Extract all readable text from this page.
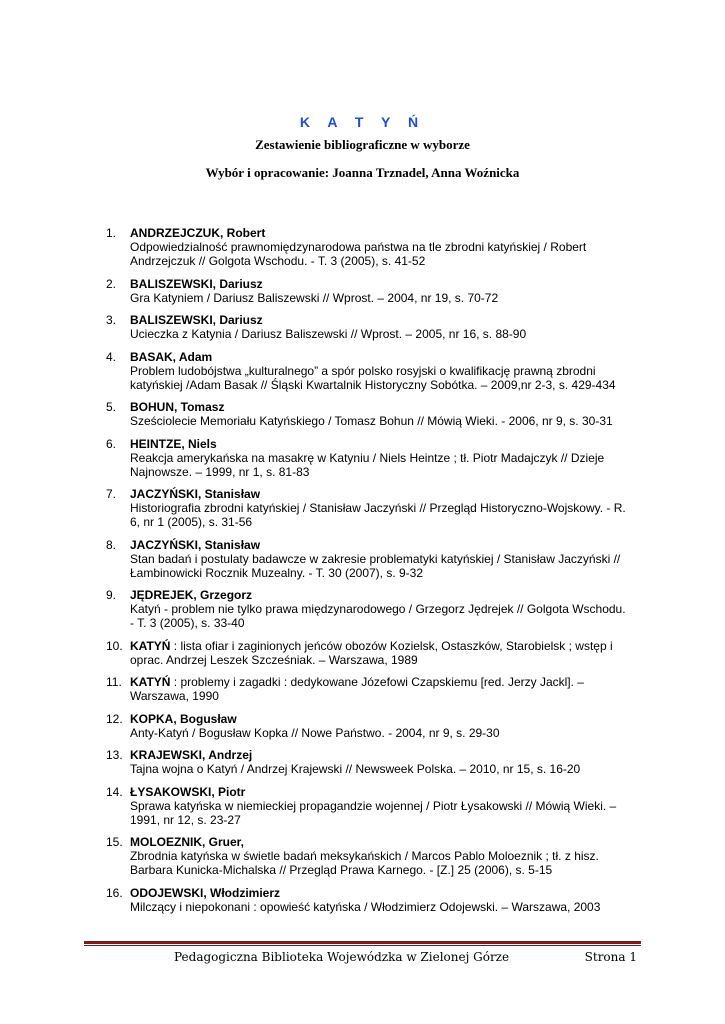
K A T Y Ń
Zestawienie bibliograficzne w wyborze
Wybór i opracowanie: Joanna Trznadel, Anna Woźnicka
1.	ANDRZEJCZUK, Robert
Odpowiedzialność prawnomiędzynarodowa państwa na tle zbrodni katyńskiej / Robert
Andrzejczuk // Golgota Wschodu. - T. 3 (2005), s. 41-52
2.	BALISZEWSKI, Dariusz
Gra Katyniem / Dariusz Baliszewski // Wprost. – 2004, nr 19, s. 70-72
3.	BALISZEWSKI, Dariusz
Ucieczka z Katynia / Dariusz Baliszewski // Wprost. – 2005, nr 16, s. 88-90
4.	BASAK, Adam
Problem ludobójstwa „kulturalnego” a spór polsko rosyjski o kwalifikację prawną zbrodni
katyńskiej /Adam Basak // Śląski Kwartalnik Historyczny Sobótka. – 2009,nr 2-3, s. 429-434
5.	BOHUN, Tomasz
Sześciolecie Memoriału Katyńskiego / Tomasz Bohun // Mówią Wieki. - 2006, nr 9, s. 30-31
6.	HEINTZE, Niels
Reakcja amerykańska na masakrę w Katyniu / Niels Heintze ; tł. Piotr Madajczyk // Dzieje
Najnowsze. – 1999, nr 1, s. 81-83
7.	JACZYŃSKI, Stanisław
Historiografia zbrodni katyńskiej / Stanisław Jaczyński // Przegląd Historyczno-Wojskowy. - R.
6, nr 1 (2005), s. 31-56
8.	JACZYŃSKI, Stanisław
Stan badań i postulaty badawcze w zakresie problematyki katyńskiej / Stanisław Jaczyński //
Łambinowicki Rocznik Muzealny. - T. 30 (2007), s. 9-32
9.	JĘDREJEK, Grzegorz
Katyń - problem nie tylko prawa międzynarodowego / Grzegorz Jędrejek // Golgota Wschodu.
- T. 3 (2005), s. 33-40
10. KATYŃ : lista ofiar i zaginionych jeńców obozów Kozielsk, Ostaszków, Starobielsk ; wstęp i
oprac. Andrzej Leszek Szcześniak. – Warszawa, 1989
11. KATYŃ : problemy i zagadki : dedykowane Józefowi Czapskiemu [red. Jerzy Jackl]. –
Warszawa, 1990
12. KOPKA, Bogusław
Anty-Katyń / Bogusław Kopka // Nowe Państwo. - 2004, nr 9, s. 29-30
13. KRAJEWSKI, Andrzej
Tajna wojna o Katyń / Andrzej Krajewski // Newsweek Polska. – 2010, nr 15, s. 16-20
14. ŁYSAKOWSKI, Piotr
Sprawa katyńska w niemieckiej propagandzie wojennej / Piotr Łysakowski // Mówią Wieki. –
1991, nr 12, s. 23-27
15. MOLOEZNIK, Gruer,
Zbrodnia katyńska w świetle badań meksykańskich / Marcos Pablo Moloeznik ; tł. z hisz.
Barbara Kunicka-Michalska // Przegląd Prawa Karnego. - [Z.] 25 (2006), s. 5-15
16. ODOJEWSKI, Włodzimierz
Milczący i niepokonani : opowieść katyńska / Włodzimierz Odojewski. – Warszawa, 2003
Pedagogiczna Biblioteka Wojewódzka w Zielonej Górze	Strona 1
